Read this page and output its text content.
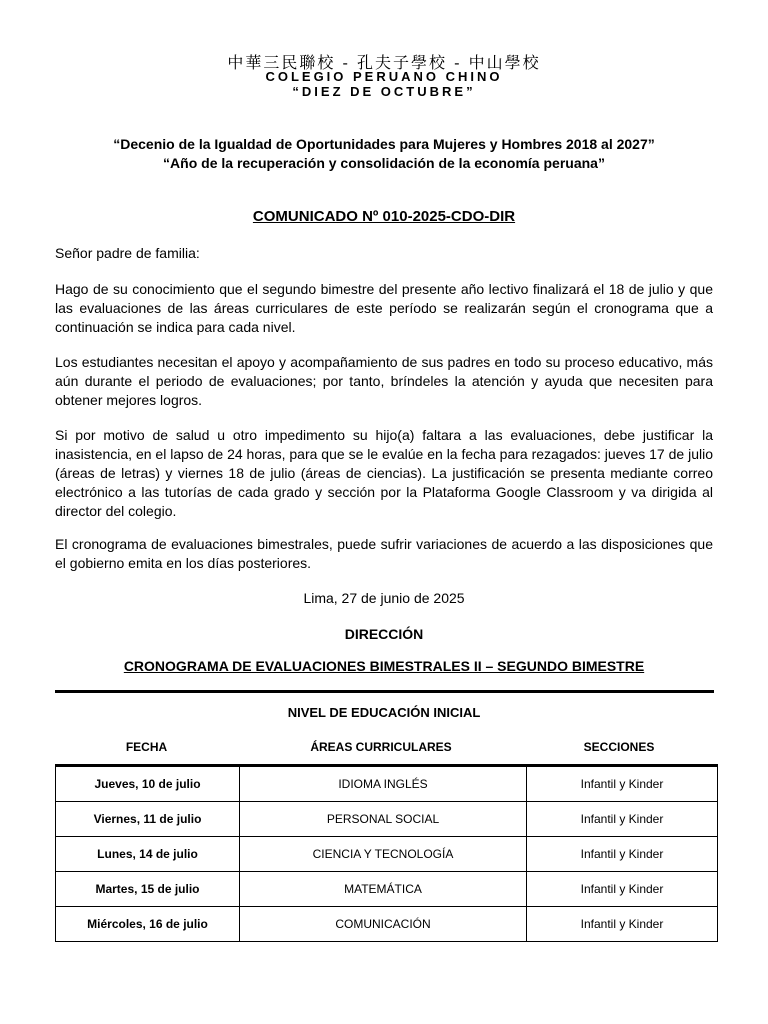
中華三民聯校 ‐ 孔夫子學校 ‐ 中山學校
COLEGIO PERUANO CHINO
“DIEZ DE OCTUBRE”
“Decenio de la Igualdad de Oportunidades para Mujeres y Hombres 2018 al 2027”
“Año de la recuperación y consolidación de la economía peruana”
COMUNICADO Nº 010-2025-CDO-DIR
Señor padre de familia:
Hago de su conocimiento que el segundo bimestre del presente año lectivo finalizará el 18 de julio y que las evaluaciones de las áreas curriculares de este período se realizarán según el cronograma que a continuación se indica para cada nivel.
Los estudiantes necesitan el apoyo y acompañamiento de sus padres en todo su proceso educativo, más aún durante el periodo de evaluaciones; por tanto, bríndeles la atención y ayuda que necesiten para obtener mejores logros.
Si por motivo de salud u otro impedimento su hijo(a) faltara a las evaluaciones, debe justificar la inasistencia, en el lapso de 24 horas, para que se le evalúe en la fecha para rezagados: jueves 17 de julio (áreas de letras) y viernes 18 de julio (áreas de ciencias). La justificación se presenta mediante correo electrónico a las tutorías de cada grado y sección por la Plataforma Google Classroom y va dirigida al director del colegio.
El cronograma de evaluaciones bimestrales, puede sufrir variaciones de acuerdo a las disposiciones que el gobierno emita en los días posteriores.
Lima, 27 de junio de 2025
DIRECCIÓN
CRONOGRAMA DE EVALUACIONES BIMESTRALES II – SEGUNDO BIMESTRE
NIVEL DE EDUCACIÓN INICIAL
FECHA	ÁREAS CURRICULARES	SECCIONES
Jueves, 10 de julio	IDIOMA INGLÉS	Infantil y Kinder
Viernes, 11 de julio	PERSONAL SOCIAL	Infantil y Kinder
Lunes, 14 de julio	CIENCIA Y TECNOLOGÍA	Infantil y Kinder
Martes, 15 de julio	MATEMÁTICA	Infantil y Kinder
Miércoles, 16 de julio	COMUNICACIÓN	Infantil y Kinder
